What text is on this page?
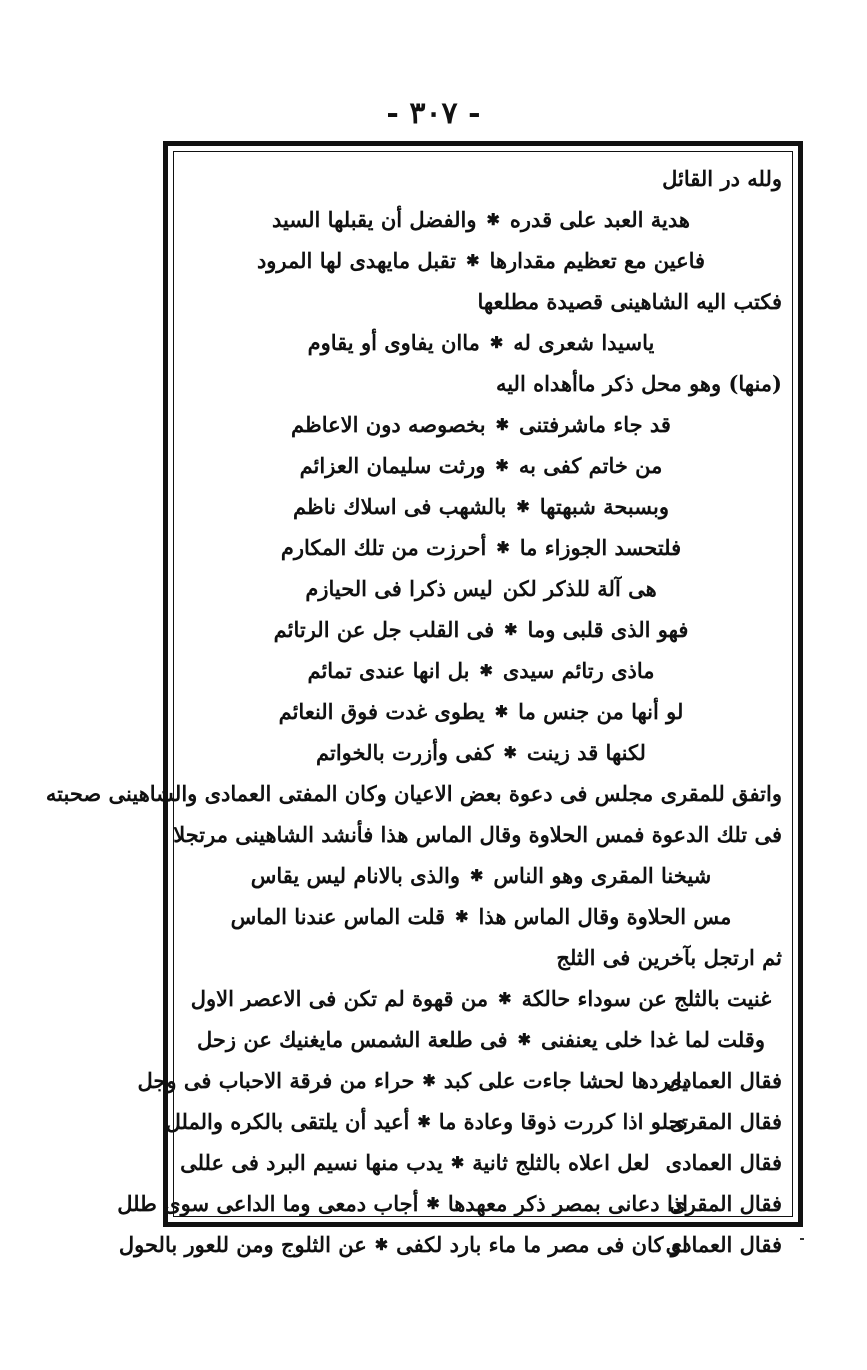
- ٣٠٧ -
ولله در القائل
هدية العبد على قدره
✱
والفضل أن يقبلها السيد
فاعين مع تعظيم مقدارها
✱
تقبل مايهدى لها المرود
فكتب اليه الشاهينى قصيدة مطلعها
ياسيدا شعرى له
✱
ماان يفاوى أو يقاوم
(منها) وهو محل ذكر ماأهداه اليه
قد جاء ماشرفتنى
✱
بخصوصه دون الاعاظم
من خاتم كفى به
✱
ورثت سليمان العزائم
وبسبحة شبهتها
✱
بالشهب فى اسلاك ناظم
فلتحسد الجوزاء ما
✱
أحرزت من تلك المكارم
هى آلة للذكر لكن
ليس ذكرا فى الحيازم
فهو الذى قلبى وما
✱
فى القلب جل عن الرتائم
ماذى رتائم سيدى
✱
بل انها عندى تمائم
لو أنها من جنس ما
✱
يطوى غدت فوق النعائم
لكنها قد زينت
✱
كفى وأزرت بالخواتم
واتفق للمقرى مجلس فى دعوة بعض الاعيان وكان المفتى العمادى والشاهينى صحبته
فى تلك الدعوة فمس الحلاوة وقال الماس هذا فأنشد الشاهينى مرتجلا
شيخنا المقرى وهو الناس
✱
والذى بالانام ليس يقاس
مس الحلاوة وقال الماس هذا
✱
قلت الماس عندنا الماس
ثم ارتجل بآخرين فى الثلج
غنيت بالثلج عن سوداء حالكة
✱
من قهوة لم تكن فى الاعصر الاول
وقلت لما غدا خلى يعنفنى
✱
فى طلعة الشمس مايغنيك عن زحل
فقال العمادى
يابردها لحشا جاءت على كبد
✱
حراء من فرقة الاحباب فى وجل
فقال المقرى
تحلو اذا كررت ذوقا وعادة ما
✱
أعيد أن يلتقى بالكره والملل
فقال العمادى
لعل اعلاه بالثلج ثانية
✱
يدب منها نسيم البرد فى عللى
فقال المقرى
اذا دعانى بمصر ذكر معهدها
✱
أجاب دمعى وما الداعى سوى طلل
فقال العمادى
لو كان فى مصر ما ماء بارد لكفى
✱
عن الثلوج ومن للعور بالحول
